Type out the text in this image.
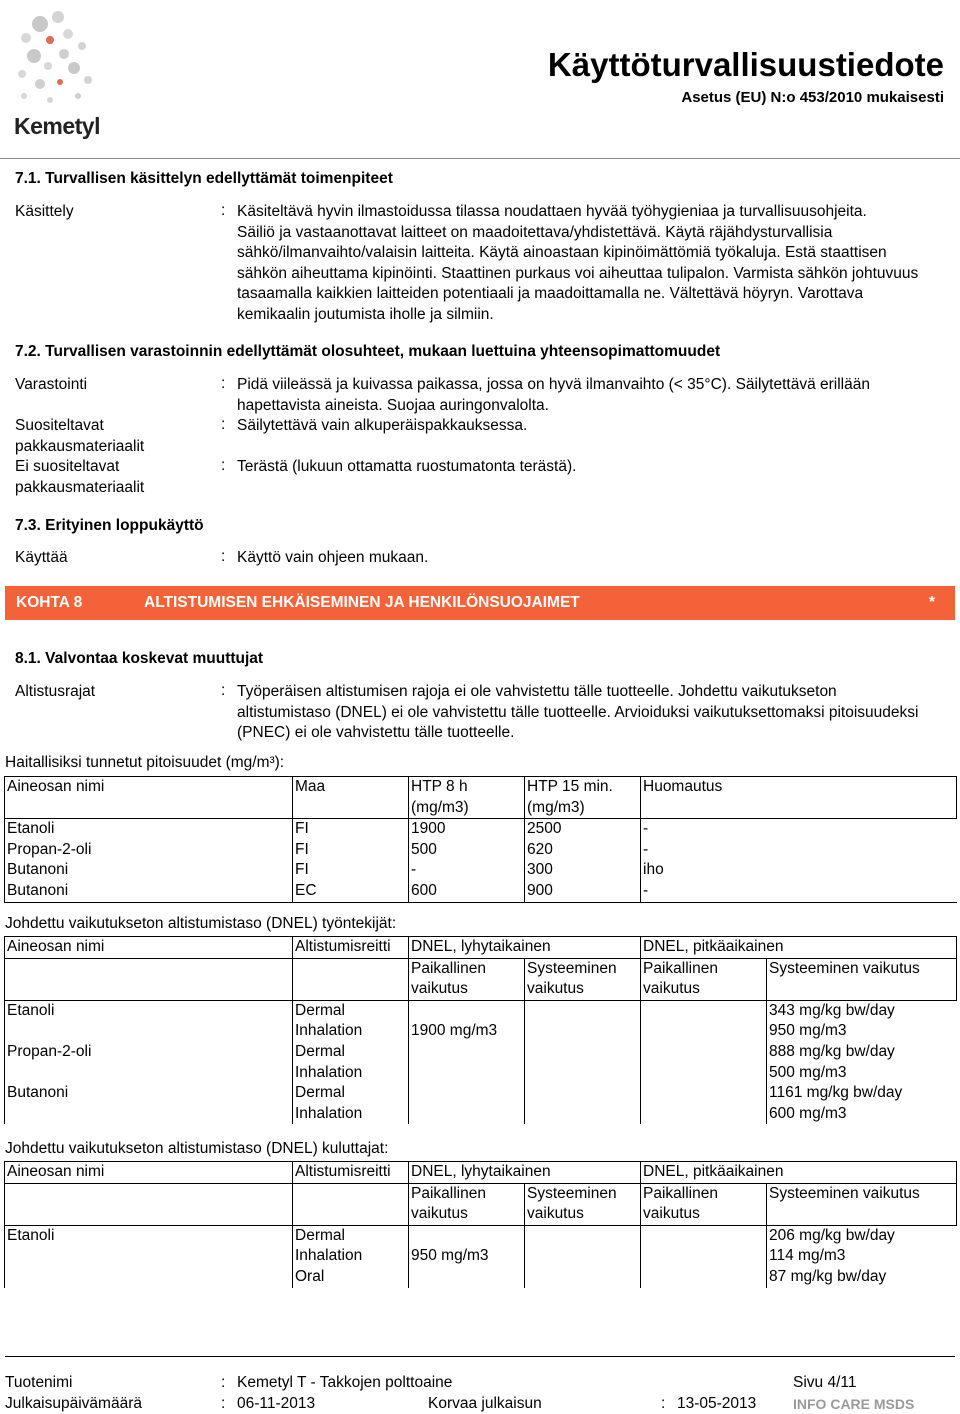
Kemetyl
Käyttöturvallisuustiedote
Asetus (EU) N:o 453/2010 mukaisesti
7.1. Turvallisen käsittelyn edellyttämät toimenpiteet
Käsittely	: Käsiteltävä hyvin ilmastoidussa tilassa noudattaen hyvää työhygieniaa ja turvallisuusohjeita.
Säiliö ja vastaanottavat laitteet on maadoitettava/yhdistettävä. Käytä räjähdysturvallisia
sähkö/ilmanvaihto/valaisin laitteita. Käytä ainoastaan kipinöimättömiä työkaluja. Estä staattisen
sähkön aiheuttama kipinöinti. Staattinen purkaus voi aiheuttaa tulipalon. Varmista sähkön johtuvuus
tasaamalla kaikkien laitteiden potentiaali ja maadoittamalla ne. Vältettävä höyryn. Varottava
kemikaalin joutumista iholle ja silmiin.
7.2. Turvallisen varastoinnin edellyttämät olosuhteet, mukaan luettuina yhteensopimattomuudet
Varastointi	: Pidä viileässä ja kuivassa paikassa, jossa on hyvä ilmanvaihto (< 35°C). Säilytettävä erillään
hapettavista aineista. Suojaa auringonvalolta.
Suositeltavat
pakkausmateriaalit
: Säilytettävä vain alkuperäispakkauksessa.
Ei suositeltavat
pakkausmateriaalit
: Terästä (lukuun ottamatta ruostumatonta terästä).
7.3. Erityinen loppukäyttö
Käyttää	: Käyttö vain ohjeen mukaan.
KOHTA 8	ALTISTUMISEN EHKÄISEMINEN JA HENKILÖNSUOJAIMET	*
8.1. Valvontaa koskevat muuttujat
Altistusrajat	: Työperäisen altistumisen rajoja ei ole vahvistettu tälle tuotteelle. Johdettu vaikutukseton
altistumistaso (DNEL) ei ole vahvistettu tälle tuotteelle. Arvioiduksi vaikutuksettomaksi pitoisuudeksi
(PNEC) ei ole vahvistettu tälle tuotteelle.
Haitallisiksi tunnetut pitoisuudet (mg/m³):
Aineosan nimi	Maa	HTP 8 h	HTP 15 min.	Huomautus
		(mg/m3)	(mg/m3)	
Etanoli	FI	1900	2500	-
Propan-2-oli	FI	500	620	-
Butanoni	FI	-	300	iho
Butanoni	EC	600	900	-
Johdettu vaikutukseton altistumistaso (DNEL) työntekijät:
Aineosan nimi	Altistumisreitti	DNEL, lyhytaikainen		DNEL, pitkäaikainen	
		Paikallinen	Systeeminen	Paikallinen	Systeeminen vaikutus
		vaikutus	vaikutus	vaikutus	
Etanoli	Dermal				343 mg/kg bw/day
	Inhalation	1900 mg/m3			950 mg/m3
Propan-2-oli	Dermal				888 mg/kg bw/day
	Inhalation				500 mg/m3
Butanoni	Dermal				1161 mg/kg bw/day
	Inhalation				600 mg/m3
Johdettu vaikutukseton altistumistaso (DNEL) kuluttajat:
Aineosan nimi	Altistumisreitti	DNEL, lyhytaikainen		DNEL, pitkäaikainen	
		Paikallinen	Systeeminen	Paikallinen	Systeeminen vaikutus
		vaikutus	vaikutus	vaikutus	
Etanoli	Dermal				206 mg/kg bw/day
	Inhalation	950 mg/m3			114 mg/m3
	Oral				87 mg/kg bw/day
Tuotenimi	: Kemetyl T - Takkojen polttoaine	Sivu 4/11
Julkaisupäivämäärä	: 06-11-2013	Korvaa julkaisun	: 13-05-2013	INFO CARE MSDS
